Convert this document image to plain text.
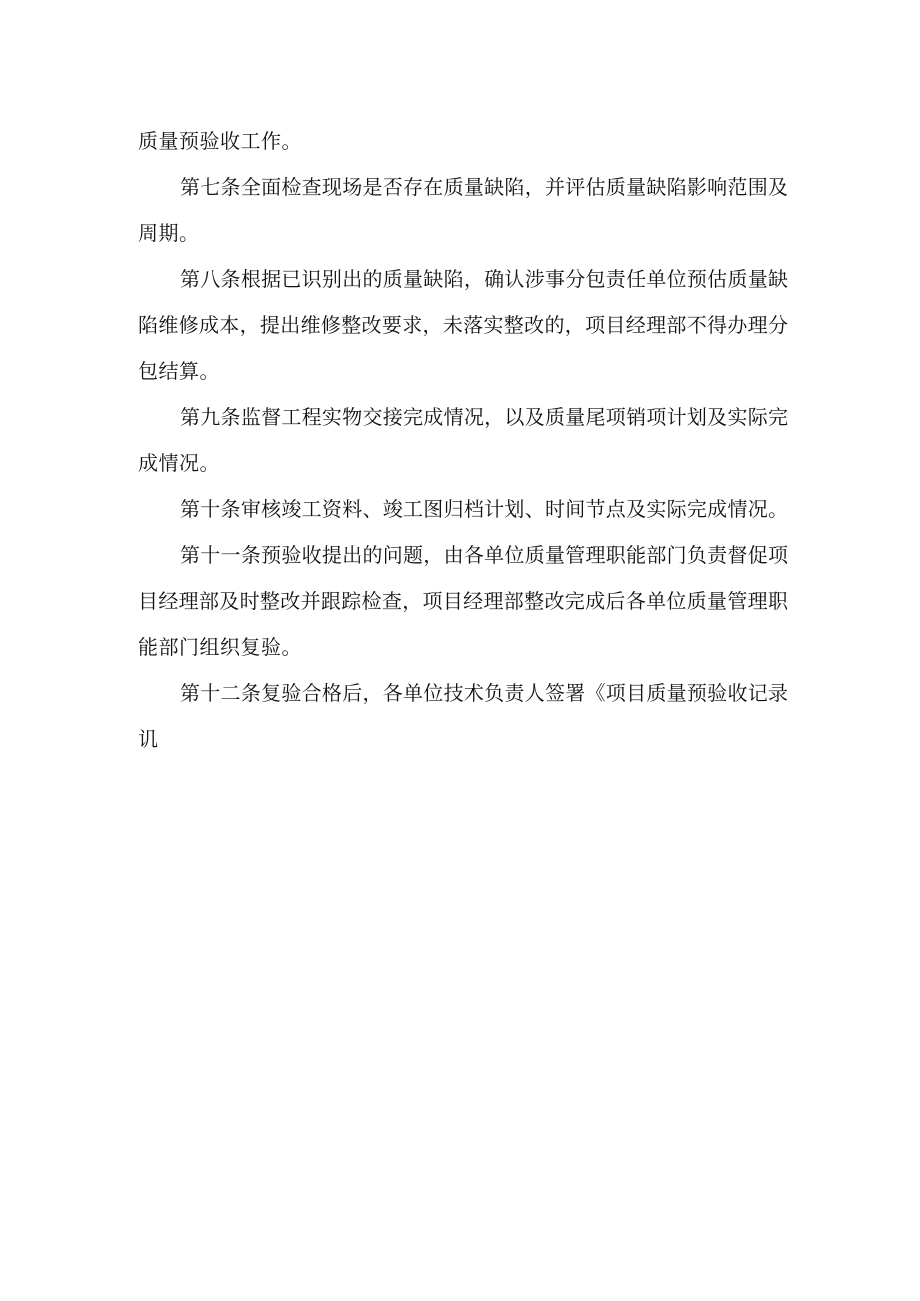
质量预验收工作。
第七条全面检查现场是否存在质量缺陷，并评估质量缺陷影响范围及
周期。
第八条根据已识别出的质量缺陷，确认涉事分包责任单位预估质量缺
陷维修成本，提出维修整改要求，未落实整改的，项目经理部不得办理分
包结算。
第九条监督工程实物交接完成情况，以及质量尾项销项计划及实际完
成情况。
第十条审核竣工资料、竣工图归档计划、时间节点及实际完成情况。
第十一条预验收提出的问题，由各单位质量管理职能部门负责督促项
目经理部及时整改并跟踪检查，项目经理部整改完成后各单位质量管理职
能部门组织复验。
第十二条复验合格后，各单位技术负责人签署《项目质量预验收记录
讥
